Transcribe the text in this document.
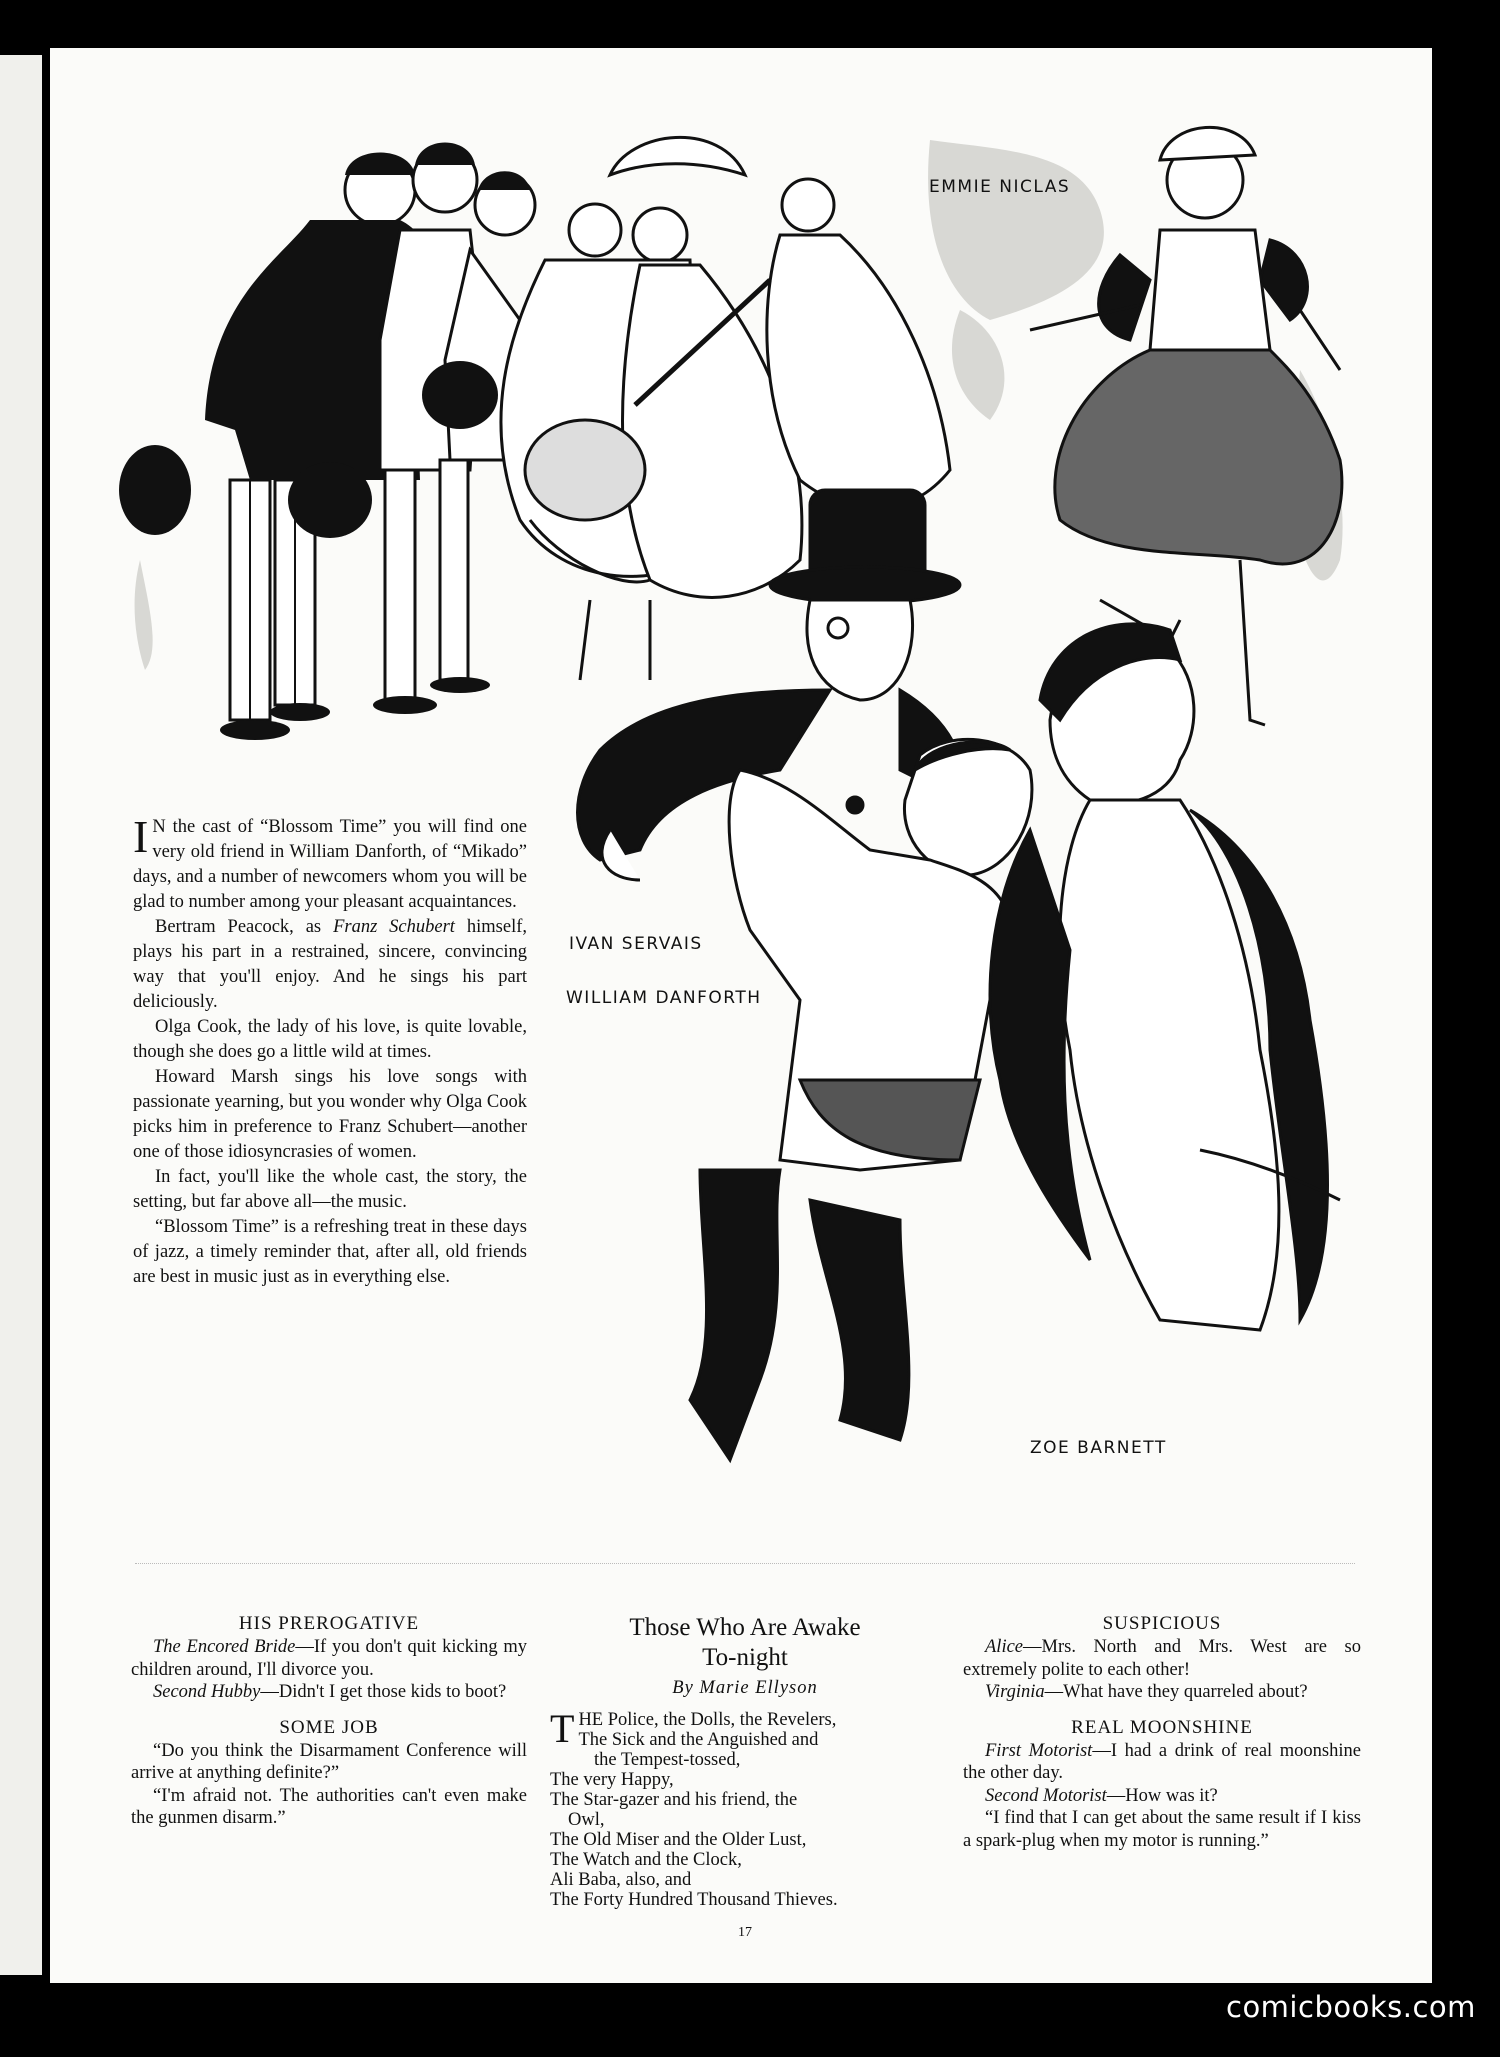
EMMIE NICLAS
IVAN SERVAIS
WILLIAM DANFORTH
ZOE BARNETT

I N the cast of “Blossom Time” you will find one very old friend in William Danforth, of “Mikado” days, and a number of newcomers whom you will be glad to number among your pleasant acquaintances.

Bertram Peacock, as Franz Schubert himself, plays his part in a restrained, sincere, convincing way that you'll enjoy. And he sings his part deliciously.

Olga Cook, the lady of his love, is quite lovable, though she does go a little wild at times.

Howard Marsh sings his love songs with passionate yearning, but you wonder why Olga Cook picks him in preference to Franz Schubert—another one of those idiosyncrasies of women.

In fact, you'll like the whole cast, the story, the setting, but far above all—the music.

“Blossom Time” is a refreshing treat in these days of jazz, a timely reminder that, after all, old friends are best in music just as in everything else.

HIS PREROGATIVE

The Encored Bride—If you don't quit kicking my children around, I'll divorce you.

Second Hubby—Didn't I get those kids to boot?

SOME JOB

“Do you think the Disarmament Conference will arrive at anything definite?”

“I'm afraid not. The authorities can't even make the gunmen disarm.”

Those Who Are Awake
To-night
By Marie Ellyson
THE Police, the Dolls, the Revelers,
The Sick and the Anguished and
the Tempest-tossed,
The very Happy,
The Star-gazer and his friend, the
Owl,
The Old Miser and the Older Lust,
The Watch and the Clock,
Ali Baba, also, and
The Forty Hundred Thousand Thieves.
SUSPICIOUS

Alice—Mrs. North and Mrs. West are so extremely polite to each other!

Virginia—What have they quarreled about?

REAL MOONSHINE

First Motorist—I had a drink of real moonshine the other day.

Second Motorist—How was it?

“I find that I can get about the same result if I kiss a spark-plug when my motor is running.”

17
comicbooks.com
